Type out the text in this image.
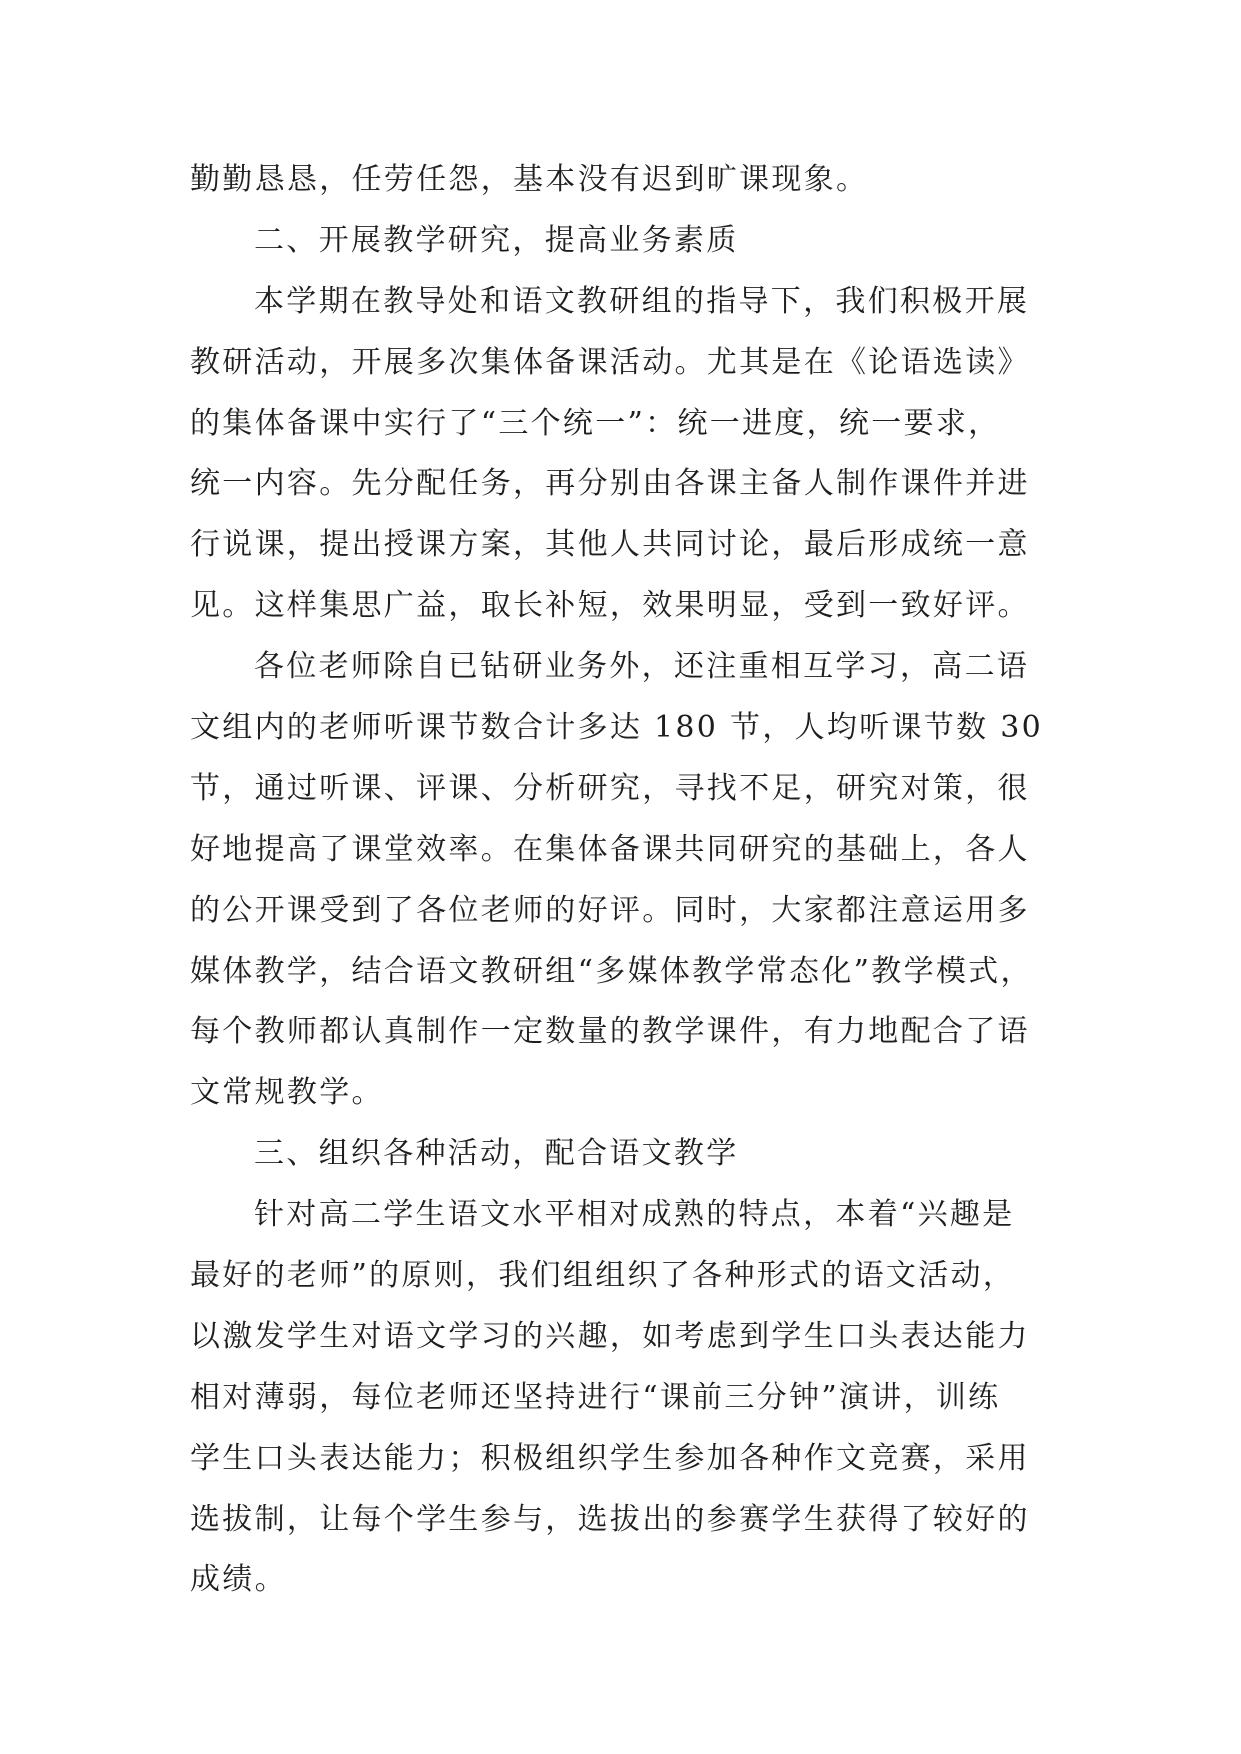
勤勤恳恳，任劳任怨，基本没有迟到旷课现象。
二、开展教学研究，提高业务素质
本学期在教导处和语文教研组的指导下，我们积极开展
教研活动，开展多次集体备课活动。尤其是在《论语选读》
的集体备课中实行了“三个统一”：统一进度，统一要求，
统一内容。先分配任务，再分别由各课主备人制作课件并进
行说课，提出授课方案，其他人共同讨论，最后形成统一意
见。这样集思广益，取长补短，效果明显，受到一致好评。
各位老师除自已钻研业务外，还注重相互学习，高二语
文组内的老师听课节数合计多达 180 节，人均听课节数 30
节，通过听课、评课、分析研究，寻找不足，研究对策，很
好地提高了课堂效率。在集体备课共同研究的基础上，各人
的公开课受到了各位老师的好评。同时，大家都注意运用多
媒体教学，结合语文教研组“多媒体教学常态化”教学模式，
每个教师都认真制作一定数量的教学课件，有力地配合了语
文常规教学。
三、组织各种活动，配合语文教学
针对高二学生语文水平相对成熟的特点，本着“兴趣是
最好的老师”的原则，我们组组织了各种形式的语文活动，
以激发学生对语文学习的兴趣，如考虑到学生口头表达能力
相对薄弱，每位老师还坚持进行“课前三分钟”演讲，训练
学生口头表达能力；积极组织学生参加各种作文竞赛，采用
选拔制，让每个学生参与，选拔出的参赛学生获得了较好的
成绩。
